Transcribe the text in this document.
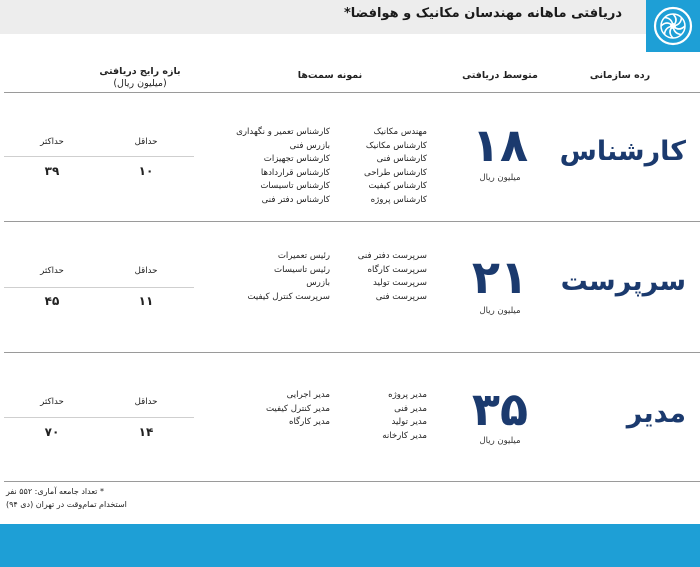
دریافتی ماهانه مهندسان مکانیک و هوافضا*
رده سازمانی
متوسط دریافتی
نمونه سمت‌ها
بازه رایج دریافتی
(میلیون ریال)
کارشناس
۱۸
میلیون ریال
مهندس مکانیک
کارشناس مکانیک
کارشناس فنی
کارشناس طراحی
کارشناس کیفیت
کارشناس پروژه
کارشناس تعمیر و نگهداری
بازرس فنی
کارشناس تجهیزات
کارشناس قراردادها
کارشناس تاسیسات
کارشناس دفتر فنی
حداقل
حداکثر
۱۰
۳۹
سرپرست
۲۱
میلیون ریال
سرپرست دفتر فنی
سرپرست کارگاه
سرپرست تولید
سرپرست فنی
رئیس تعمیرات
رئیس تاسیسات
بازرس
سرپرست کنترل کیفیت
حداقل
حداکثر
۱۱
۴۵
مدیر
۳۵
میلیون ریال
مدیر پروژه
مدیر فنی
مدیر تولید
مدیر کارخانه
مدیر اجرایی
مدیر کنترل کیفیت
مدیر کارگاه
حداقل
حداکثر
۱۴
۷۰
* تعداد جامعه آماری: ۵۵۲ نفر
استخدام تمام‌وقت در تهران (دی ۹۴)
